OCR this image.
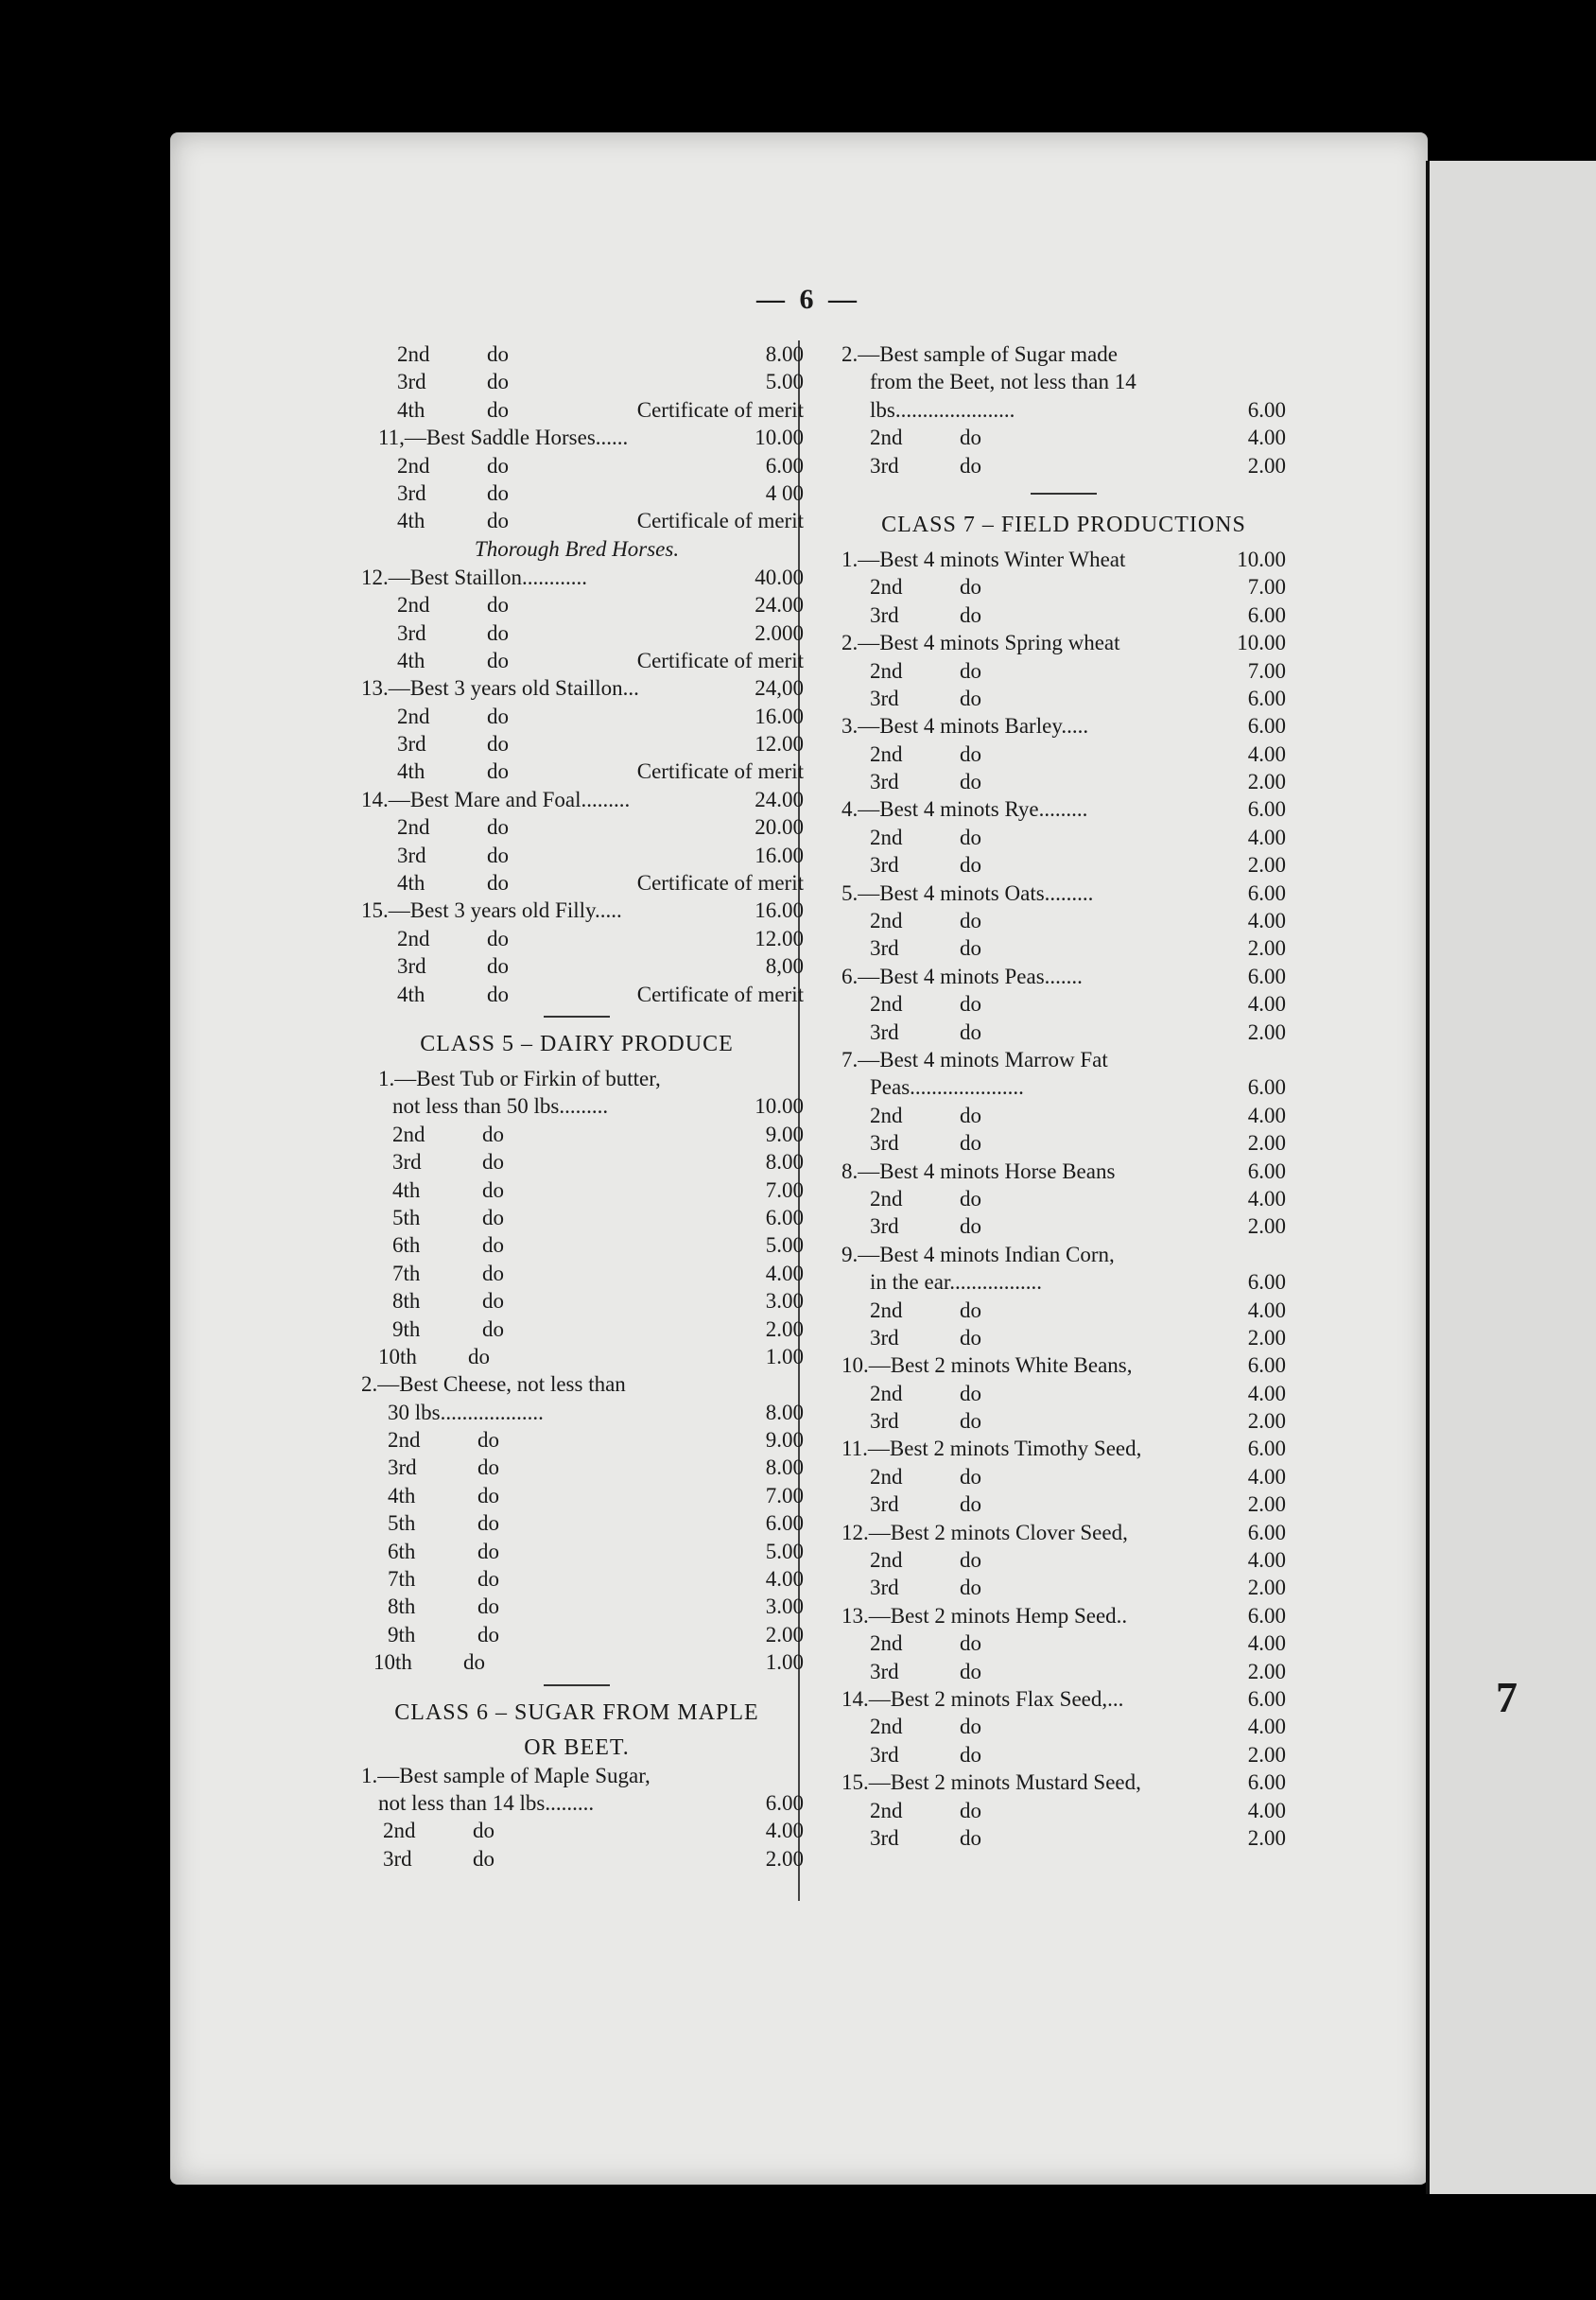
— 6 —
7
2nd	do	8.00
3rd	do	5.00
4th	do	Certificate of merit
11,—Best Saddle Horses......	10.00
2nd	do	6.00
3rd	do	4 00
4th	do	Certificale of merit
Thorough Bred Horses.
12.—Best Staillon............	40.00
2nd	do	24.00
3rd	do	2.000
4th	do	Certificate of merit
13.—Best 3 years old Staillon...	24,00
2nd	do	16.00
3rd	do	12.00
4th	do	Certificate of merit
14.—Best Mare and Foal.........	24.00
2nd	do	20.00
3rd	do	16.00
4th	do	Certificate of merit
15.—Best 3 years old Filly.....	16.00
2nd	do	12.00
3rd	do	8,00
4th	do	Certificate of merit
CLASS 5 – DAIRY PRODUCE
1.—Best Tub or Firkin of butter,
not less than 50 lbs.........	10.00
2nd	do	9.00
3rd	do	8.00
4th	do	7.00
5th	do	6.00
6th	do	5.00
7th	do	4.00
8th	do	3.00
9th	do	2.00
10th do	1.00
2.—Best Cheese, not less than
30 lbs...................	8.00
2nd	do	9.00
3rd	do	8.00
4th	do	7.00
5th	do	6.00
6th	do	5.00
7th	do	4.00
8th	do	3.00
9th	do	2.00
10th do	1.00
CLASS 6 – SUGAR FROM MAPLE
OR BEET.
1.—Best sample of Maple Sugar,
not less than 14 lbs.........	6.00
2nd	do	4.00
3rd	do	2.00
2.—Best sample of Sugar made
from the Beet, not less than 14
lbs......................	6.00
2nd	do	4.00
3rd	do	2.00
CLASS 7 – FIELD PRODUCTIONS
1.—Best 4 minots Winter Wheat	10.00
2nd	do	7.00
3rd	do	6.00
2.—Best 4 minots Spring wheat	10.00
2nd	do	7.00
3rd	do	6.00
3.—Best 4 minots Barley.....	6.00
2nd	do	4.00
3rd	do	2.00
4.—Best 4 minots Rye.........	6.00
2nd	do	4.00
3rd	do	2.00
5.—Best 4 minots Oats.........	6.00
2nd	do	4.00
3rd	do	2.00
6.—Best 4 minots Peas.......	6.00
2nd	do	4.00
3rd	do	2.00
7.—Best 4 minots Marrow Fat
Peas.....................	6.00
2nd	do	4.00
3rd	do	2.00
8.—Best 4 minots Horse Beans	6.00
2nd	do	4.00
3rd	do	2.00
9.—Best 4 minots Indian Corn,
in the ear.................	6.00
2nd	do	4.00
3rd	do	2.00
10.—Best 2 minots White Beans,	6.00
2nd	do	4.00
3rd	do	2.00
11.—Best 2 minots Timothy Seed,	6.00
2nd	do	4.00
3rd	do	2.00
12.—Best 2 minots Clover Seed,	6.00
2nd	do	4.00
3rd	do	2.00
13.—Best 2 minots Hemp Seed..	6.00
2nd	do	4.00
3rd	do	2.00
14.—Best 2 minots Flax Seed,...	6.00
2nd	do	4.00
3rd	do	2.00
15.—Best 2 minots Mustard Seed,	6.00
2nd	do	4.00
3rd	do	2.00
